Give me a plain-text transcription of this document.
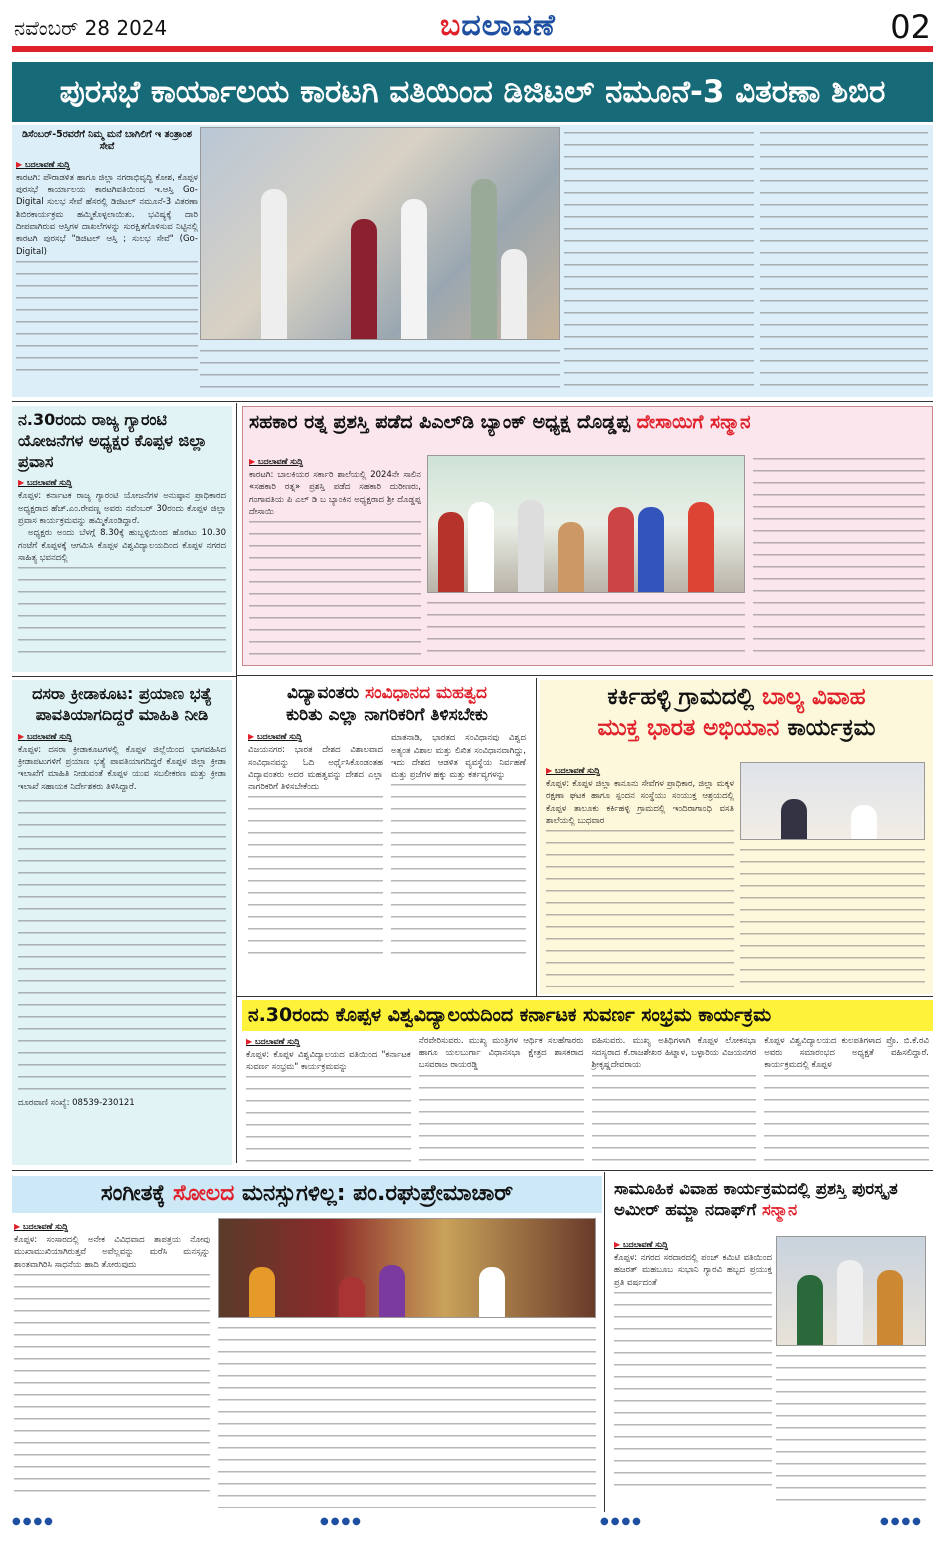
ನವೆಂಬರ್ 28 2024	ಬದಲಾವಣೆ	02
ಪುರಸಭೆ ಕಾರ್ಯಾಲಯ ಕಾರಟಗಿ ವತಿಯಿಂದ ಡಿಜಿಟಲ್ ನಮೂನೆ-3 ವಿತರಣಾ ಶಿಬಿರ
ಡಿಸೆಂಬರ್-5ರವರೆಗೆ ನಿಮ್ಮ ಮನೆ ಬಾಗಿಲಿಗೆ ಇ ತಂತ್ರಾಂಶ ಸೇವೆ
▶ ಬದಲಾವಣೆ ಸುದ್ದಿ
ಕಾರಟಗಿ: ಪೌರಾಡಳಿತ ಹಾಗೂ ಜಿಲ್ಲಾ ನಗರಾಭಿವೃದ್ಧಿ ಕೋಶ, ಕೊಪ್ಪಳ ಪುರಸಭೆ ಕಾರ್ಯಾಲಯ ಕಾರಟಗಿವತಿಯಿಂದ ಇ.ಆಸ್ತಿ Go-Digital ಸುಲಭ ಸೇವೆ ಹೆಸರಲ್ಲಿ ಡಿಜಿಟಲ್ ನಮೂನೆ-3 ವಿತರಣಾ ಶಿಬಿರಕಾರ್ಯಕ್ರಮ ಹಮ್ಮಿಕೊಳ್ಳಲಾಯಿತು. ಭವಿಷ್ಯಕ್ಕೆ ದಾರಿ ದೀಪವಾಗಿರುವ ಆಸ್ತಿಗಳ ದಾಖಲೆಗಳನ್ನು ಸುರಕ್ಷಿತಗೊಳಿಸುವ ನಿಟ್ಟಿನಲ್ಲಿ ಕಾರಟಗಿ ಪುರಸಭೆ "ಡಿಜಿಟಲ್ ಆಸ್ತಿ ; ಸುಲಭ ಸೇವೆ" (Go-Digital)
ನ.30ರಂದು ರಾಜ್ಯ ಗ್ಯಾರಂಟಿ ಯೋಜನೆಗಳ ಅಧ್ಯಕ್ಷರ ಕೊಪ್ಪಳ ಜಿಲ್ಲಾ ಪ್ರವಾಸ
▶ ಬದಲಾವಣೆ ಸುದ್ದಿ
ಕೊಪ್ಪಳ: ಕರ್ನಾಟಕ ರಾಜ್ಯ ಗ್ಯಾರಂಟಿ ಯೋಜನೆಗಳ ಅನುಷ್ಠಾನ ಪ್ರಾಧಿಕಾರದ ಅಧ್ಯಕ್ಷರಾದ ಹೆಚ್.ಎಂ.ರೇವಣ್ಣ ಅವರು ನವೆಂಬರ್ 30ರಂದು ಕೊಪ್ಪಳ ಜಿಲ್ಲಾ ಪ್ರವಾಸ ಕಾರ್ಯಕ್ರಮವನ್ನು ಹಮ್ಮಿಕೊಂಡಿದ್ದಾರೆ.
ಅಧ್ಯಕ್ಷರು ಅಂದು ಬೆಳಗ್ಗೆ 8.30ಕ್ಕೆ ಹುಬ್ಬಳ್ಳಿಯಿಂದ ಹೊರಟು 10.30 ಗಂಟೆಗೆ ಕೊಪ್ಪಳಕ್ಕೆ ಆಗಮಿಸಿ ಕೊಪ್ಪಳ ವಿಶ್ವವಿದ್ಯಾಲಯದಿಂದ ಕೊಪ್ಪಳ ನಗರದ ಸಾಹಿತ್ಯ ಭವನದಲ್ಲಿ
ದಸರಾ ಕ್ರೀಡಾಕೂಟ: ಪ್ರಯಾಣ ಭತ್ಯೆ ಪಾವತಿಯಾಗದಿದ್ದರೆ ಮಾಹಿತಿ ನೀಡಿ
▶ ಬದಲಾವಣೆ ಸುದ್ದಿ
ಕೊಪ್ಪಳ: ದಸರಾ ಕ್ರೀಡಾಕೂಟಗಳಲ್ಲಿ ಕೊಪ್ಪಳ ಜಿಲ್ಲೆಯಿಂದ ಭಾಗವಹಿಸಿದ ಕ್ರೀಡಾಪಟುಗಳಿಗೆ ಪ್ರಯಾಣ ಭತ್ಯೆ ಪಾವತಿಯಾಗದಿದ್ದರೆ ಕೊಪ್ಪಳ ಜಿಲ್ಲಾ ಕ್ರೀಡಾ ಇಲಾಖೆಗೆ ಮಾಹಿತಿ ನೀಡುವಂತೆ ಕೊಪ್ಪಳ ಯುವ ಸಬಲೀಕರಣ ಮತ್ತು ಕ್ರೀಡಾ ಇಲಾಖೆ ಸಹಾಯಕ ನಿರ್ದೇಶಕರು ತಿಳಿಸಿದ್ದಾರೆ.
ದೂರವಾಣಿ ಸಂಖ್ಯೆ: 08539-230121
ಸಹಕಾರ ರತ್ನ ಪ್ರಶಸ್ತಿ ಪಡೆದ ಪಿಎಲ್‌ಡಿ ಬ್ಯಾಂಕ್ ಅಧ್ಯಕ್ಷ ದೊಡ್ಡಪ್ಪ ದೇಸಾಯಿಗೆ ಸನ್ಮಾನ
▶ ಬದಲಾವಣೆ ಸುದ್ದಿ
ಕಾರಟಗಿ: ಬಾಲಕಿಯರ ಸರ್ಕಾರಿ ಶಾಲೆಯಲ್ಲಿ 2024ನೇ ಸಾಲಿನ «ಸಹಕಾರಿ ರತ್ನ» ಪ್ರಶಸ್ತಿ ಪಡೆದ ಸಹಕಾರಿ ದುರೀಣರು, ಗಂಗಾವತಿಯ ಪಿ ಎಲ್ ಡಿ ಬ ಬ್ಯಾಂಕಿನ ಅಧ್ಯಕ್ಷರಾದ ಶ್ರೀ ದೊಡ್ಡಪ್ಪ ದೇಸಾಯಿ
ವಿದ್ಯಾವಂತರು ಸಂವಿಧಾನದ ಮಹತ್ವದ
ಕುರಿತು ಎಲ್ಲಾ ನಾಗರಿಕರಿಗೆ ತಿಳಿಸಬೇಕು
▶ ಬದಲಾವಣೆ ಸುದ್ದಿ
ವಿಜಯನಗರ: ಭಾರತ ದೇಶದ ವಿಶಾಲವಾದ ಸಂವಿಧಾನವನ್ನು ಓದಿ ಅರ್ಥೈಸಿಕೊಂಡಂತಹ ವಿದ್ಯಾವಂತರು ಅದರ ಮಹತ್ವವನ್ನು ದೇಶದ ಎಲ್ಲಾ ನಾಗರಿಕರಿಗೆ ತಿಳಿಸಬೇಕೆಂದು
ಮಾತನಾಡಿ, ಭಾರತದ ಸಂವಿಧಾನವು ವಿಶ್ವದ ಅತ್ಯಂತ ವಿಶಾಲ ಮತ್ತು ಲಿಖಿತ ಸಂವಿಧಾನವಾಗಿದ್ದು, ಇದು ದೇಶದ ಆಡಳಿತ ವ್ಯವಸ್ಥೆಯ ನಿರ್ವಹಣೆ ಮತ್ತು ಪ್ರಜೆಗಳ ಹಕ್ಕು ಮತ್ತು ಕರ್ತವ್ಯಗಳನ್ನು
ಕರ್ಕಿಹಳ್ಳಿ ಗ್ರಾಮದಲ್ಲಿ ಬಾಲ್ಯ ವಿವಾಹ
ಮುಕ್ತ ಭಾರತ ಅಭಿಯಾನ ಕಾರ್ಯಕ್ರಮ
▶ ಬದಲಾವಣೆ ಸುದ್ದಿ
ಕೊಪ್ಪಳ: ಕೊಪ್ಪಳ ಜಿಲ್ಲಾ ಕಾನೂನು ಸೇವೆಗಳ ಪ್ರಾಧಿಕಾರ, ಜಿಲ್ಲಾ ಮಕ್ಕಳ ರಕ್ಷಣಾ ಘಟಕ ಹಾಗೂ ಸ್ಪಂದನ ಸಂಸ್ಥೆಯು ಸಂಯುಕ್ತ ಆಶ್ರಯದಲ್ಲಿ ಕೊಪ್ಪಳ ತಾಲೂಕು ಕರ್ಕಿಹಳ್ಳಿ ಗ್ರಾಮದಲ್ಲಿ ಇಂದಿರಾಗಾಂಧಿ ವಸತಿ ಶಾಲೆಯಲ್ಲಿ ಬುಧವಾರ
ನ.30ರಂದು ಕೊಪ್ಪಳ ವಿಶ್ವವಿದ್ಯಾಲಯದಿಂದ ಕರ್ನಾಟಕ ಸುವರ್ಣ ಸಂಭ್ರಮ ಕಾರ್ಯಕ್ರಮ
▶ ಬದಲಾವಣೆ ಸುದ್ದಿ
ಕೊಪ್ಪಳ: ಕೊಪ್ಪಳ ವಿಶ್ವವಿದ್ಯಾಲಯದ ವತಿಯಿಂದ "ಕರ್ನಾಟಕ ಸುವರ್ಣ ಸಂಭ್ರಮ" ಕಾರ್ಯಕ್ರಮವನ್ನು
ನೆರವೇರಿಸುವರು. ಮುಖ್ಯ ಮಂತ್ರಿಗಳ ಆರ್ಥಿಕ ಸಲಹೆಗಾರರು ಹಾಗೂ ಯಲಬುರ್ಗಾ ವಿಧಾನಸಭಾ ಕ್ಷೇತ್ರದ ಶಾಸಕರಾದ ಬಸವರಾಜ ರಾಯರಡ್ಡಿ
ವಹಿಸುವರು. ಮುಖ್ಯ ಅತಿಥಿಗಳಾಗಿ ಕೊಪ್ಪಳ ಲೋಕಸಭಾ ಸದಸ್ಯರಾದ ಕೆ.ರಾಜಶೇಖರ ಹಿಟ್ನಾಳ, ಬಳ್ಳಾರಿಯ ವಿಜಯನಗರ ಶ್ರೀಕೃಷ್ಣದೇವರಾಯ
ಕೊಪ್ಪಳ ವಿಶ್ವವಿದ್ಯಾಲಯದ ಕುಲಪತಿಗಳಾದ ಪ್ರೊ. ಬಿ.ಕೆ.ರವಿ ಅವರು ಸಮಾರಂಭದ ಅಧ್ಯಕ್ಷತೆ ವಹಿಸಲಿದ್ದಾರೆ. ಕಾರ್ಯಕ್ರಮದಲ್ಲಿ ಕೊಪ್ಪಳ
ಸಂಗೀತಕ್ಕೆ ಸೋಲದ ಮನಸ್ಸುಗಳಿಲ್ಲ: ಪಂ.ರಘುಪ್ರೇಮಾಚಾರ್
▶ ಬದಲಾವಣೆ ಸುದ್ದಿ
ಕೊಪ್ಪಳ: ಸಂಸಾರದಲ್ಲಿ ಅನೇಕ ವಿವಿಧವಾದ ತಾಪತ್ರಯ ನೋವು ಮುಖಾಮುಖಿಯಾಗಿರುತ್ತವೆ ಅವೆಲ್ಲವನ್ನು ಮರೆಸಿ ಮನಸ್ಸನ್ನು ಶಾಂತವಾಗಿರಿಸಿ ಸಾಧನೆಯ ಹಾದಿ ತೋರುವುದು
ಸಾಮೂಹಿಕ ವಿವಾಹ ಕಾರ್ಯಕ್ರಮದಲ್ಲಿ ಪ್ರಶಸ್ತಿ ಪುರಸ್ಕೃತ ಅಮೀರ್ ಹಮ್ಜಾ ನದಾಫ್‌ಗೆ ಸನ್ಮಾನ
▶ ಬದಲಾವಣೆ ಸುದ್ದಿ
ಕೊಪ್ಪಳ: ನಗರದ ಸರದಾರದಲ್ಲಿ ಪಂಚ್ ಕಮಿಟಿ ವತಿಯಿಂದ ಹಜರತ್ ಮಹಬೂಬ ಸುಭಾನಿ ಗ್ಯಾರವಿ ಹಬ್ಬದ ಪ್ರಯುಕ್ತ ಪ್ರತಿ ವರ್ಷದಂತೆ
●●●●	●●●●	●●●●	●●●●
